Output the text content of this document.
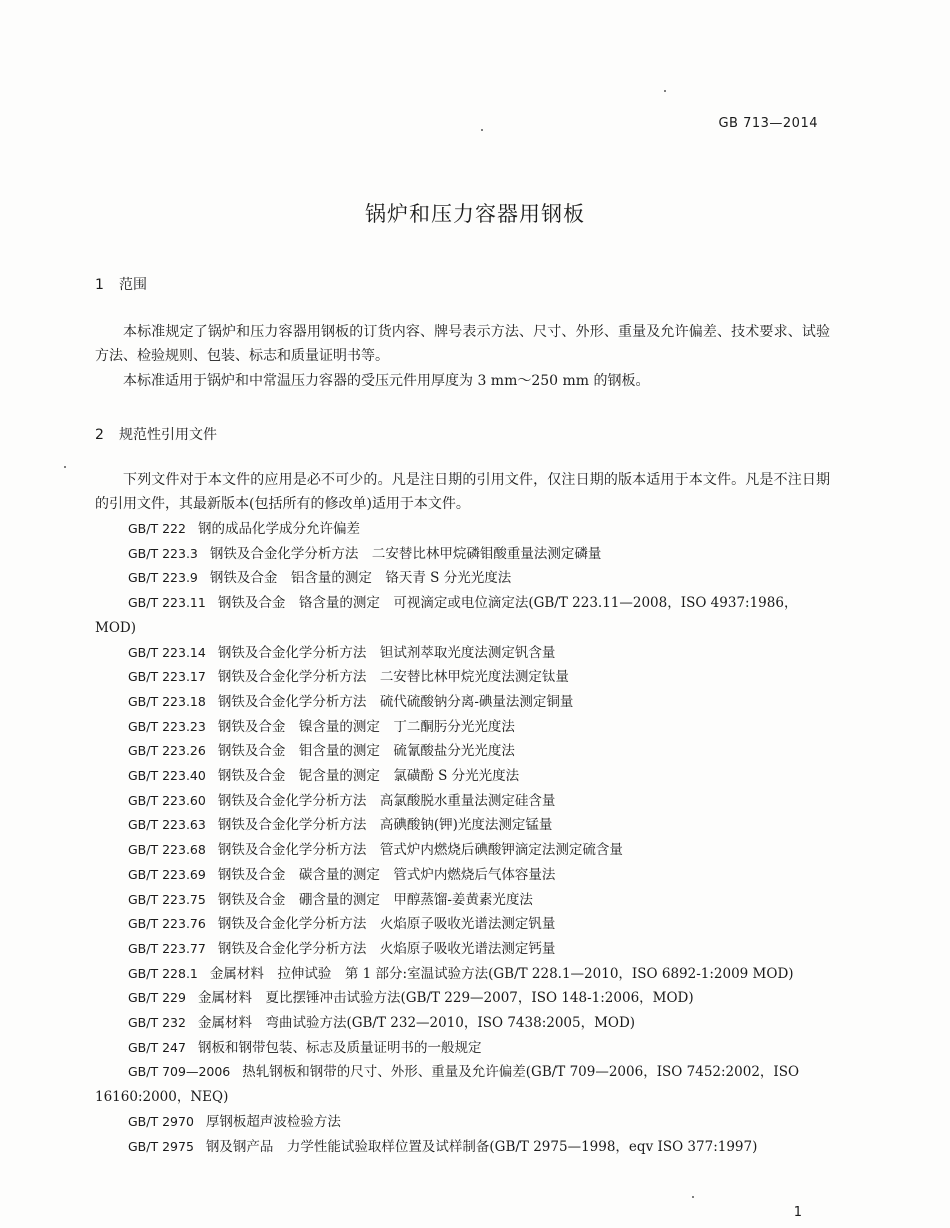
GB 713—2014
锅炉和压力容器用钢板
1 范围
本标准规定了锅炉和压力容器用钢板的订货内容、牌号表示方法、尺寸、外形、重量及允许偏差、技术要求、试验方法、检验规则、包装、标志和质量证明书等。
本标准适用于锅炉和中常温压力容器的受压元件用厚度为 3 mm～250 mm 的钢板。
2 规范性引用文件
下列文件对于本文件的应用是必不可少的。凡是注日期的引用文件，仅注日期的版本适用于本文件。凡是不注日期的引用文件，其最新版本(包括所有的修改单)适用于本文件。
GB/T 222 钢的成品化学成分允许偏差
GB/T 223.3 钢铁及合金化学分析方法　二安替比林甲烷磷钼酸重量法测定磷量
GB/T 223.9 钢铁及合金　铝含量的测定　铬天青 S 分光光度法
GB/T 223.11 钢铁及合金　铬含量的测定　可视滴定或电位滴定法(GB/T 223.11—2008，ISO 4937:1986，MOD)
GB/T 223.14 钢铁及合金化学分析方法　钽试剂萃取光度法测定钒含量
GB/T 223.17 钢铁及合金化学分析方法　二安替比林甲烷光度法测定钛量
GB/T 223.18 钢铁及合金化学分析方法　硫代硫酸钠分离-碘量法测定铜量
GB/T 223.23 钢铁及合金　镍含量的测定　丁二酮肟分光光度法
GB/T 223.26 钢铁及合金　钼含量的测定　硫氰酸盐分光光度法
GB/T 223.40 钢铁及合金　铌含量的测定　氯磺酚 S 分光光度法
GB/T 223.60 钢铁及合金化学分析方法　高氯酸脱水重量法测定硅含量
GB/T 223.63 钢铁及合金化学分析方法　高碘酸钠(钾)光度法测定锰量
GB/T 223.68 钢铁及合金化学分析方法　管式炉内燃烧后碘酸钾滴定法测定硫含量
GB/T 223.69 钢铁及合金　碳含量的测定　管式炉内燃烧后气体容量法
GB/T 223.75 钢铁及合金　硼含量的测定　甲醇蒸馏-姜黄素光度法
GB/T 223.76 钢铁及合金化学分析方法　火焰原子吸收光谱法测定钒量
GB/T 223.77 钢铁及合金化学分析方法　火焰原子吸收光谱法测定钙量
GB/T 228.1 金属材料　拉伸试验　第 1 部分:室温试验方法(GB/T 228.1—2010，ISO 6892-1:2009 MOD)
GB/T 229 金属材料　夏比摆锤冲击试验方法(GB/T 229—2007，ISO 148-1:2006，MOD)
GB/T 232 金属材料　弯曲试验方法(GB/T 232—2010，ISO 7438:2005，MOD)
GB/T 247 钢板和钢带包装、标志及质量证明书的一般规定
GB/T 709—2006 热轧钢板和钢带的尺寸、外形、重量及允许偏差(GB/T 709—2006，ISO 7452:2002，ISO 16160:2000，NEQ)
GB/T 2970 厚钢板超声波检验方法
GB/T 2975 钢及钢产品　力学性能试验取样位置及试样制备(GB/T 2975—1998，eqv ISO 377:1997)
1
